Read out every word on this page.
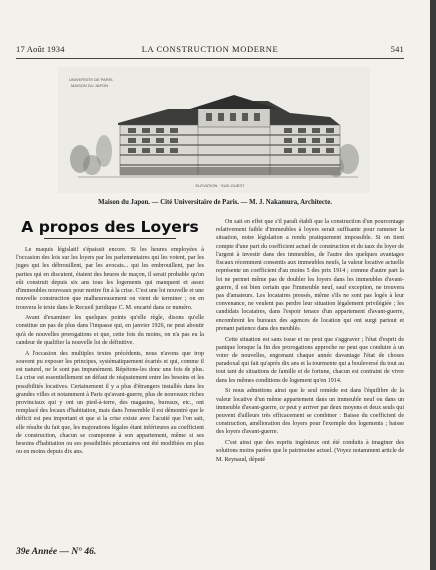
17 Août 1934	LA CONSTRUCTION MODERNE	541
UNIVERSITE DE PARIS
MAISON DU JAPON
ELEVATION · SUD-OUEST
Maison du Japon. — Cité Universitaire de Paris. — M. J. Nakamura, Architecte.
A propos des Loyers

Le maquis législatif s'épaissit encore. Si les heures employées à l'occasion des lois sur les loyers par les parlementaires qui les votent, par les juges qui les débrouillent, par les avocats... qui les embrouillent, par les parties qui en discutent, étaient des heures de maçon, il serait probable qu'on eût construit depuis six ans tous les logements qui manquent et assez d'immeubles nouveaux pour mettre fin à la crise. C'est une loi nouvelle et une nouvelle construction que malheureusement on vient de terminer ; on en trouvera le texte dans le Recueil juridique C. M. encarté dans ce numéro.

Avant d'examiner les quelques points qu'elle règle, disons qu'elle constitue un pas de plus dans l'impasse qui, en janvier 1926, ne peut aboutir qu'à de nouvelles prorogations et que, cette fois du moins, on n'a pas eu la candeur de qualifier la nouvelle loi de définitive.

A l'occasion des multiples textes précédents, nous n'avons que trop souvent pu exposer les principes, systématiquement écartés et qui, comme il est naturel, ne le sont pas impunément. Répétons-les donc une fois de plus. La crise est essentiellement un défaut de réajustement entre les besoins et les possibilités locatives. Certainement il y a plus d'étrangers installés dans les grandes villes et notamment à Paris qu'avant-guerre, plus de nouveaux riches provinciaux qui y ont un pied-à-terre, des magasins, bureaux, etc., ont remplacé des locaux d'habitation, mais dans l'ensemble il est démontré que le déficit est peu important et que si la crise existe avec l'acuité que l'on sait, elle résulte du fait que, les majorations légales étant inférieures au coefficient de construction, chacun se cramponne à son appartement, même si ses besoins d'habitation ou ses possibilités pécuniaires ont été modifiées en plus ou en moins depuis dix ans.

On sait en effet que s'il paraît établi que la construction d'un pourcentage relativement faible d'immeubles à loyers serait suffisante pour ramener la situation, notre législation a rendu pratiquement impossible. Si on tient compte d'une part du coefficient actuel de construction et du taux du loyer de l'argent à investir dans des immeubles, de l'autre des quelques avantages fiscaux récemment consentis aux immeubles neufs, la valeur locative actuelle représente un coefficient d'au moins 5 des prix 1914 ; comme d'autre part la loi ne permet même pas de doubler les loyers dans les immeubles d'avant-guerre, il est bien certain que l'immeuble neuf, sauf exception, ne trouvera pas d'amateurs. Les locataires pressés, même s'ils ne sont pas logés à leur convenance, ne veulent pas perdre leur situation légalement privilégiée ; les candidats locataires, dans l'espoir tenace d'un appartement d'avant-guerre, encombrent les bureaux des agences de location qui ont surgi partout et prenant patience dans des meublés.

Cette situation est sans issue et ne peut que s'aggraver ; l'état d'esprit de panique lorsque la fin des prorogations approche ne peut que conduire à un voter de nouvelles, engrenant chaque année davantage l'état de choses paradoxal qui fait qu'après dix ans et la tourmente qui a bouleversé du tout au tout tant de situations de famille et de fortune, chacun est contraint de vivre dans les mêmes conditions de logement qu'en 1914.

Si nous admettons ainsi que le seul remède est dans l'équilibre de la valeur locative d'un même appartement dans un immeuble neuf ou dans un immeuble d'avant-guerre, ce peut y arriver par deux moyens et deux seuls qui peuvent d'ailleurs très efficacement se combiner : Baisse du coefficient de construction, amélioration des loyers pour l'exemple des logements ; baisse des loyers d'avant-guerre.

C'est ainsi que des esprits ingénieux ont été conduits à imaginer des solutions moins parées que le patrimoine actuel. (Voyez notamment article de M. Reynaud, député

39e Année — N° 46.
